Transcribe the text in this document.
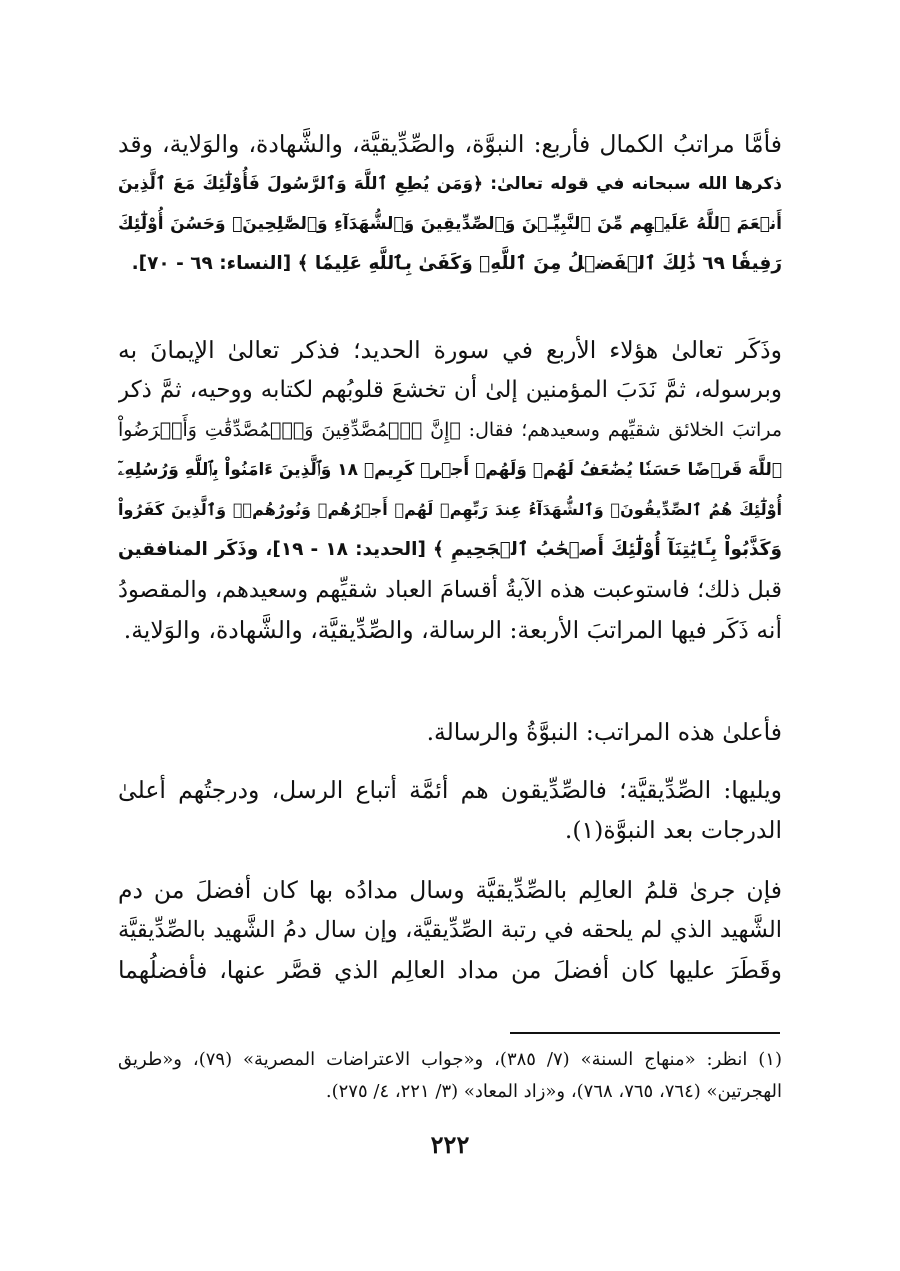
فأمَّا مراتبُ الكمال فأربع: النبوَّة، والصِّدِّيقيَّة، والشَّهادة، والوَلاية، وقد
ذكرها الله سبحانه في قوله تعالىٰ: ﴿وَمَن يُطِعِ ٱللَّهَ وَٱلرَّسُولَ فَأُوْلَٰٓئِكَ مَعَ ٱلَّذِينَ
أَنۡعَمَ ٱللَّهُ عَلَيۡهِم مِّنَ ٱلنَّبِيِّـۧنَ وَٱلصِّدِّيقِينَ وَٱلشُّهَدَآءِ وَٱلصَّٰلِحِينَۚ وَحَسُنَ أُوْلَٰٓئِكَ
رَفِيقٗا ٦٩ ذَٰلِكَ ٱلۡفَضۡلُ مِنَ ٱللَّهِۚ وَكَفَىٰ بِٱللَّهِ عَلِيمٗا ﴾ [النساء: ٦٩ - ٧٠].
وذَكَر تعالىٰ هؤلاء الأربع في سورة الحديد؛ فذكر تعالىٰ الإيمانَ به
وبرسوله، ثمَّ نَدَبَ المؤمنين إلىٰ أن تخشعَ قلوبُهم لكتابه ووحيه، ثمَّ ذكر
مراتبَ الخلائق شقيِّهم وسعيدهم؛ فقال: ﴿إِنَّ ٱلۡمُصَّدِّقِينَ وَٱلۡمُصَّدِّقَٰتِ وَأَقۡرَضُواْ
ٱللَّهَ قَرۡضًا حَسَنٗا يُضَٰعَفُ لَهُمۡ وَلَهُمۡ أَجۡرٞ كَرِيمٞ ١٨ وَٱلَّذِينَ ءَامَنُواْ بِٱللَّهِ وَرُسُلِهِۦٓ
أُوْلَٰٓئِكَ هُمُ ٱلصِّدِّيقُونَۖ وَٱلشُّهَدَآءُ عِندَ رَبِّهِمۡ لَهُمۡ أَجۡرُهُمۡ وَنُورُهُمۡۖ وَٱلَّذِينَ كَفَرُواْ
وَكَذَّبُواْ بِـَٔايَٰتِنَآ أُوْلَٰٓئِكَ أَصۡحَٰبُ ٱلۡجَحِيمِ ﴾ [الحديد: ١٨ - ١٩]، وذَكَر المنافقين
قبل ذلك؛ فاستوعبت هذه الآيةُ أقسامَ العباد شقيِّهم وسعيدهم، والمقصودُ
أنه ذَكَر فيها المراتبَ الأربعة: الرسالة، والصِّدِّيقيَّة، والشَّهادة، والوَلاية.
فأعلىٰ هذه المراتب: النبوَّةُ والرسالة.
ويليها: الصِّدِّيقيَّة؛ فالصِّدِّيقون هم أئمَّة أتباع الرسل، ودرجتُهم أعلىٰ
الدرجات بعد النبوَّة(١).
فإن جرىٰ قلمُ العالِم بالصِّدِّيقيَّة وسال مدادُه بها كان أفضلَ من دم
الشَّهيد الذي لم يلحقه في رتبة الصِّدِّيقيَّة، وإن سال دمُ الشَّهيد بالصِّدِّيقيَّة
وقَطَرَ عليها كان أفضلَ من مداد العالِم الذي قصَّر عنها، فأفضلُهما
(١) انظر: «منهاج السنة» (٧/ ٣٨٥)، و«جواب الاعتراضات المصرية» (٧٩)، و«طريق
الهجرتين» (٧٦٤، ٧٦٥، ٧٦٨)، و«زاد المعاد» (٣/ ٢٢١، ٤/ ٢٧٥).
٢٢٢
